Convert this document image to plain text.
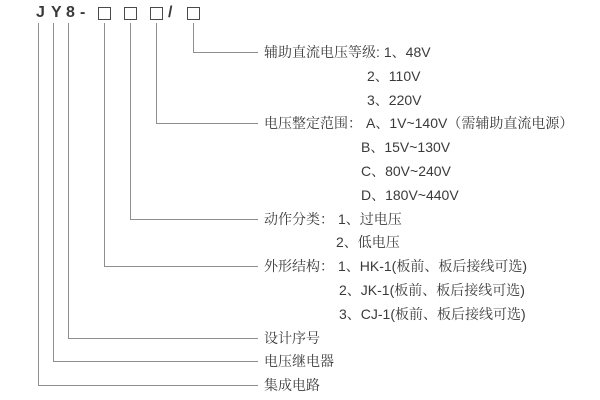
J Y 8 -	/
辅助直流电压等级: 1、48V
2、110V
3、220V
电压整定范围： A、1V~140V（需辅助直流电源）
B、15V~130V
C、80V~240V
D、180V~440V
动作分类： 1、过电压
2、低电压
外形结构： 1、HK-1(板前、板后接线可选)
2、JK-1(板前、板后接线可选)
3、CJ-1(板前、板后接线可选)
设计序号
电压继电器
集成电路
